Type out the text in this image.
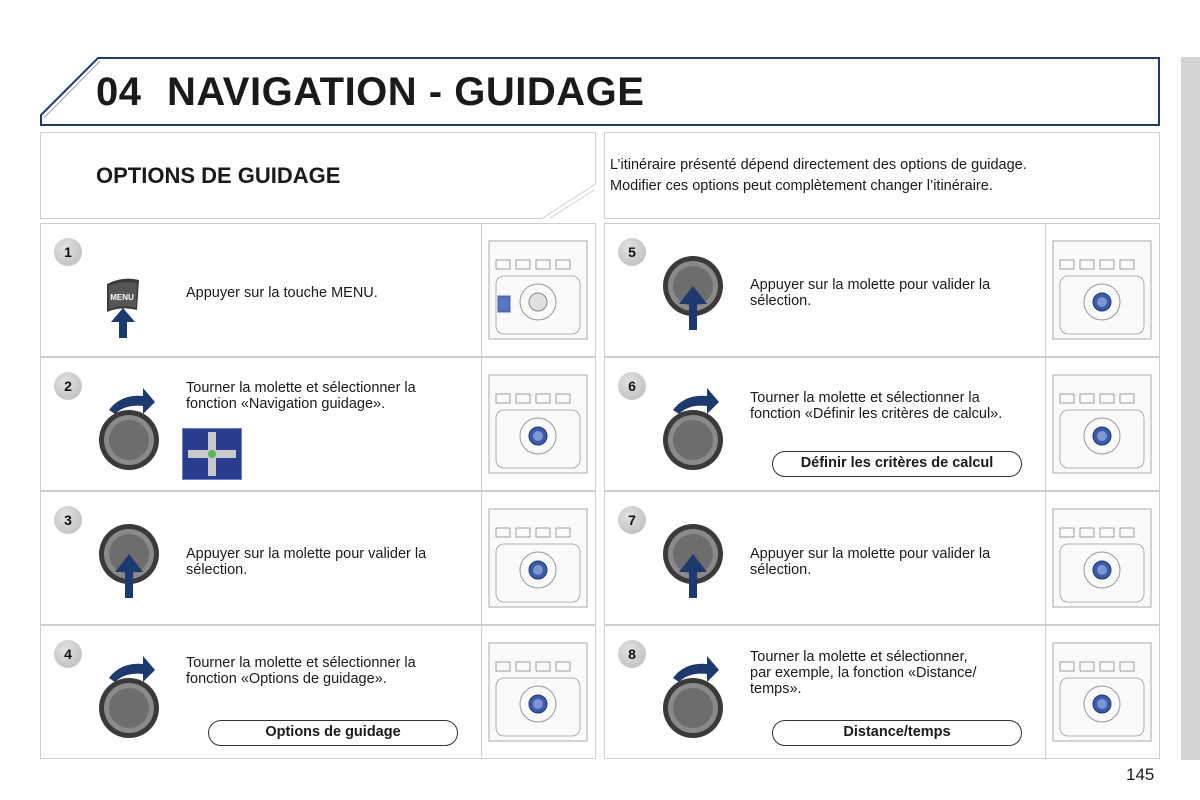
04 NAVIGATION - GUIDAGE
OPTIONS DE GUIDAGE	L’itinéraire présenté dépend directement des options de guidage.
Modifier ces options peut complètement changer l’itinéraire.
1
MENU	Appuyer sur la touche MENU.
2	Tourner la molette et sélectionner la
fonction «Navigation guidage».
3
Appuyer sur la molette pour valider la
sélection.
4
Tourner la molette et sélectionner la
fonction «Options de guidage».
Options de guidage
5
Appuyer sur la molette pour valider la
sélection.
6
Tourner la molette et sélectionner la
fonction «Définir les critères de calcul».
Définir les critères de calcul
7
Appuyer sur la molette pour valider la
sélection.
8	Tourner la molette et sélectionner,
par exemple, la fonction «Distance/
temps».
Distance/temps
145
